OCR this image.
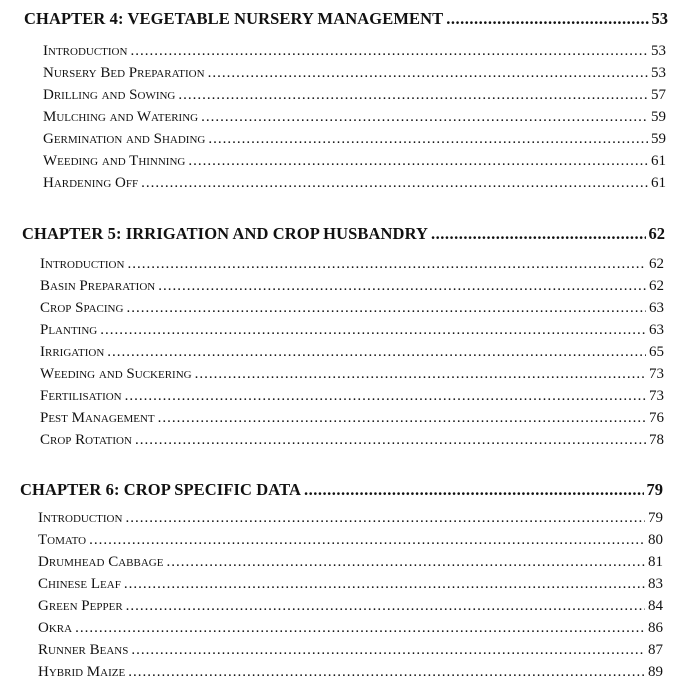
CHAPTER 4: VEGETABLE NURSERY MANAGEMENT .....	53
Introduction .....	53
Nursery Bed Preparation .....	53
Drilling and Sowing .....	57
Mulching and Watering .....	59
Germination and Shading .....	59
Weeding and Thinning .....	61
Hardening Off .....	61
CHAPTER 5: IRRIGATION AND CROP HUSBANDRY .....	62
Introduction .....	62
Basin Preparation .....	62
Crop Spacing .....	63
Planting .....	63
Irrigation .....	65
Weeding and Suckering .....	73
Fertilisation .....	73
Pest Management .....	76
Crop Rotation .....	78
CHAPTER 6: CROP SPECIFIC DATA .....	79
Introduction .....	79
Tomato .....	80
Drumhead Cabbage .....	81
Chinese Leaf .....	83
Green Pepper .....	84
Okra .....	86
Runner Beans .....	87
Hybrid Maize .....	89
